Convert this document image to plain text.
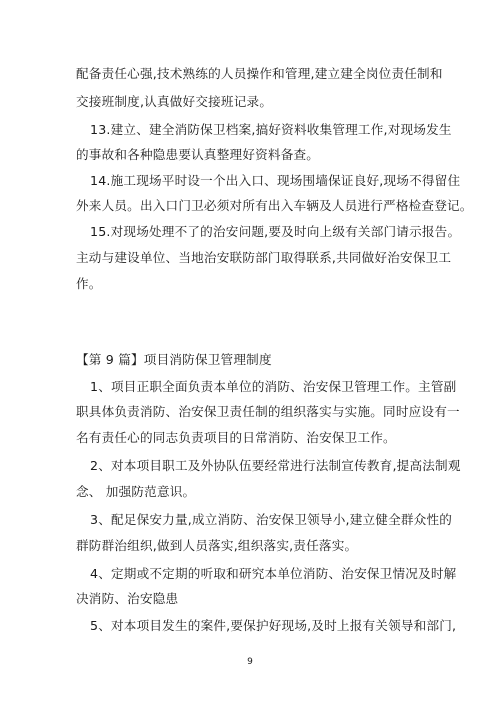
配备责任心强,技术熟练的人员操作和管理,建立建全岗位责任制和
交接班制度,认真做好交接班记录。
13.建立、建全消防保卫档案,搞好资料收集管理工作,对现场发生
的事故和各种隐患要认真整理好资料备查。
14.施工现场平时设一个出入口、现场围墙保证良好,现场不得留住
外来人员。出入口门卫必须对所有出入车辆及人员进行严格检查登记。
15.对现场处理不了的治安问题,要及时向上级有关部门请示报告。
主动与建设单位、当地治安联防部门取得联系,共同做好治安保卫工
作。
【第 9 篇】项目消防保卫管理制度
1、项目正职全面负责本单位的消防、治安保卫管理工作。主管副
职具体负责消防、治安保卫责任制的组织落实与实施。同时应设有一
名有责任心的同志负责项目的日常消防、治安保卫工作。
2、对本项目职工及外协队伍要经常进行法制宣传教育,提高法制观
念、 加强防范意识。
3、配足保安力量,成立消防、治安保卫领导小,建立健全群众性的
群防群治组织,做到人员落实,组织落实,责任落实。
4、定期或不定期的听取和研究本单位消防、治安保卫情况及时解
决消防、治安隐患
5、对本项目发生的案件,要保护好现场,及时上报有关领导和部门,
9
